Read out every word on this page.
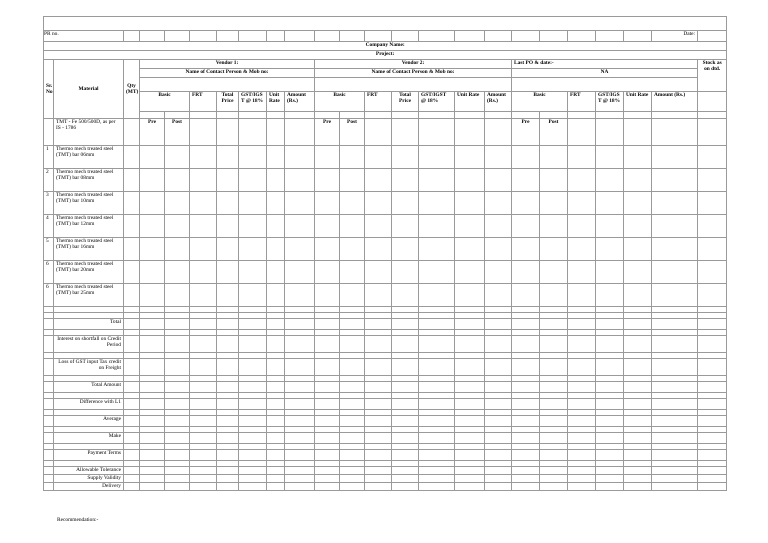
PR no.																						Date:	
Company Name:																							
Project:																							

Sr. No	Material	Qty (MT)	Vendor 1:							Vendor 2:							Last PO & date:-						Stock as on dtd.
			Name of Contact Person & Mob no:							Name of Contact Person & Mob no:							NA						

			Basic		FRT	Total Price	GST/IGS T @ 18%	Unit Rate	Amount (Rs.)	Basic		FRT	Total Price	GST/IGST @ 18%	Unit Rate	Amount (Rs.)	Basic		FRT	GST/IGS T @ 18%	Unit Rate	Amount (Rs.)	

	TMT - Fe 500/500D, as per IS - 1786		Pre	Post						Pre	Post						Pre	Post					
1	Thermo mech treated steel (TMT) bar 06mm																						
2	Thermo mech treated steel (TMT) bar 08mm																						
3	Thermo mech treated steel (TMT) bar 10mm																						
4	Thermo mech treated steel (TMT) bar 12mm																						
5	Thermo mech treated steel (TMT) bar 16mm																						
6	Thermo mech treated steel (TMT) bar 20mm																						
6	Thermo mech treated steel (TMT) bar 25mm																						

	Total																						

	Interest on shortfall on Credit Period																						

	Loss of GST input Tax credit on Freight																						

	Total Amount																						

	Difference with L1																						

	Average																						

	Make																						

	Payment Terms																						

	Allowable Tolerance																						
	Supply Validity																						
	Delivery																						
Recommendation:-
